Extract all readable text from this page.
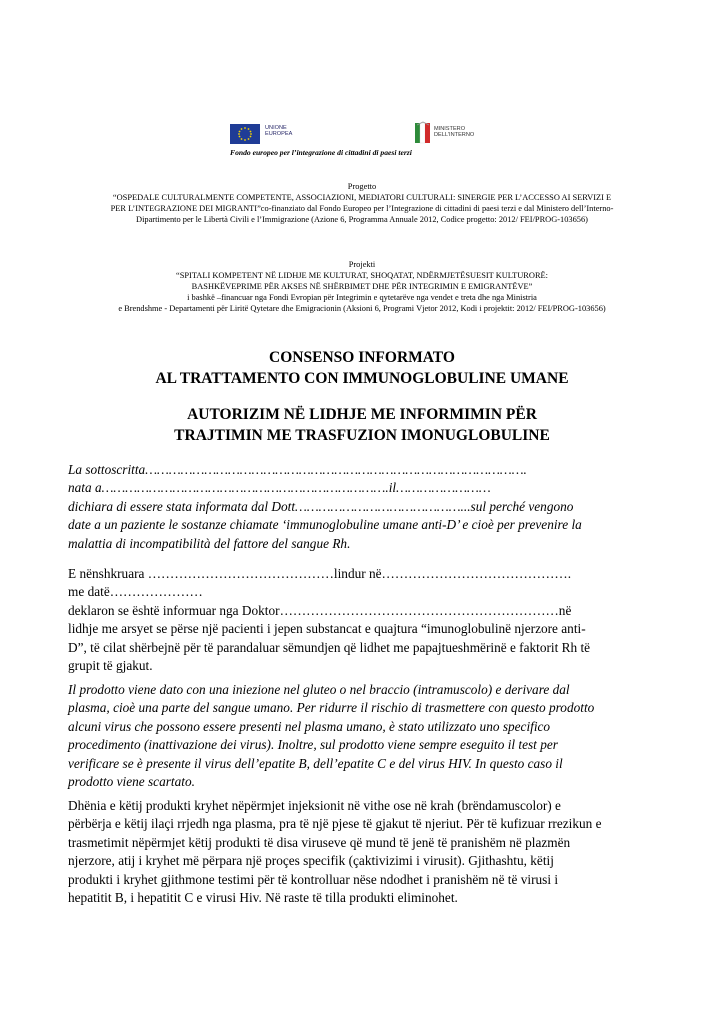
UNIONE
EUROPEA
MINISTERO
DELL'INTERNO
Fondo europeo per l’integrazione di cittadini di paesi terzi
Progetto
“OSPEDALE CULTURALMENTE COMPETENTE, ASSOCIAZIONI, MEDIATORI CULTURALI: SINERGIE PER L’ACCESSO AI SERVIZI E
PER L’INTEGRAZIONE DEI MIGRANTI”co-finanziato dal Fondo Europeo per l’Integrazione di cittadini di paesi terzi e dal Ministero dell’Interno-
Dipartimento per le Libertà Civili e l’Immigrazione (Azione 6, Programma Annuale 2012, Codice progetto: 2012/ FEI/PROG-103656)
Projekti
“SPITALI KOMPETENT NË LIDHJE ME KULTURAT, SHOQATAT, NDËRMJETËSUESIT KULTURORË:
BASHKËVEPRIME PËR AKSES NË SHËRBIMET DHE PËR INTEGRIMIN E EMIGRANTËVE”
i bashkë –financuar nga Fondi Evropian për Integrimin e qytetarëve nga vendet e treta dhe nga Ministria
e Brendshme - Departamenti për Liritë Qytetare dhe Emigracionin (Aksioni 6, Programi Vjetor 2012, Kodi i projektit: 2012/ FEI/PROG-103656)
CONSENSO INFORMATO
AL TRATTAMENTO CON IMMUNOGLOBULINE UMANE
AUTORIZIM NË LIDHJE ME INFORMIMIN PËR
TRAJTIMIN ME TRASFUZION IMONUGLOBULINE
La sottoscritta…………………………………………………………………………………….
nata a……………………………………………………………….il……………………
dichiara di essere stata informata dal Dott……………………………………...sul perché vengono
date a un paziente le sostanze chiamate ‘immunoglobuline umane anti-D’ e cioè per prevenire la
malattia di incompatibilità del fattore del sangue Rh.
E nënshkruara ……………………………………lindur në…………………………………….
me datë…………………
deklaron se është informuar nga Doktor………………………………………………………në
lidhje me arsyet se përse një pacienti i jepen substancat e quajtura “imunoglobulinë njerzore anti-
D”, të cilat shërbejnë për të parandaluar sëmundjen që lidhet me papajtueshmërinë e faktorit Rh të
grupit të gjakut.
Il prodotto viene dato con una iniezione nel gluteo o nel braccio (intramuscolo) e derivare dal
plasma, cioè una parte del sangue umano. Per ridurre il rischio di trasmettere con questo prodotto
alcuni virus che possono essere presenti nel plasma umano, è stato utilizzato uno specifico
procedimento (inattivazione dei virus). Inoltre, sul prodotto viene sempre eseguito il test per
verificare se è presente il virus dell’epatite B, dell’epatite C e del virus HIV. In questo caso il
prodotto viene scartato.
Dhënia e këtij produkti kryhet nëpërmjet injeksionit në vithe ose në krah (brëndamuscolor) e
përbërja e këtij ilaçi rrjedh nga plasma, pra të një pjese të gjakut të njeriut. Për të kufizuar rrezikun e
trasmetimit nëpërmjet këtij produkti të disa viruseve që mund të jenë të pranishëm në plazmën
njerzore, atij i kryhet më përpara një proçes specifik (çaktivizimi i virusit). Gjithashtu, këtij
produkti i kryhet gjithmone testimi për të kontrolluar nëse ndodhet i pranishëm në të virusi i
hepatitit B, i hepatitit C e virusi Hiv. Në raste të tilla produkti eliminohet.
